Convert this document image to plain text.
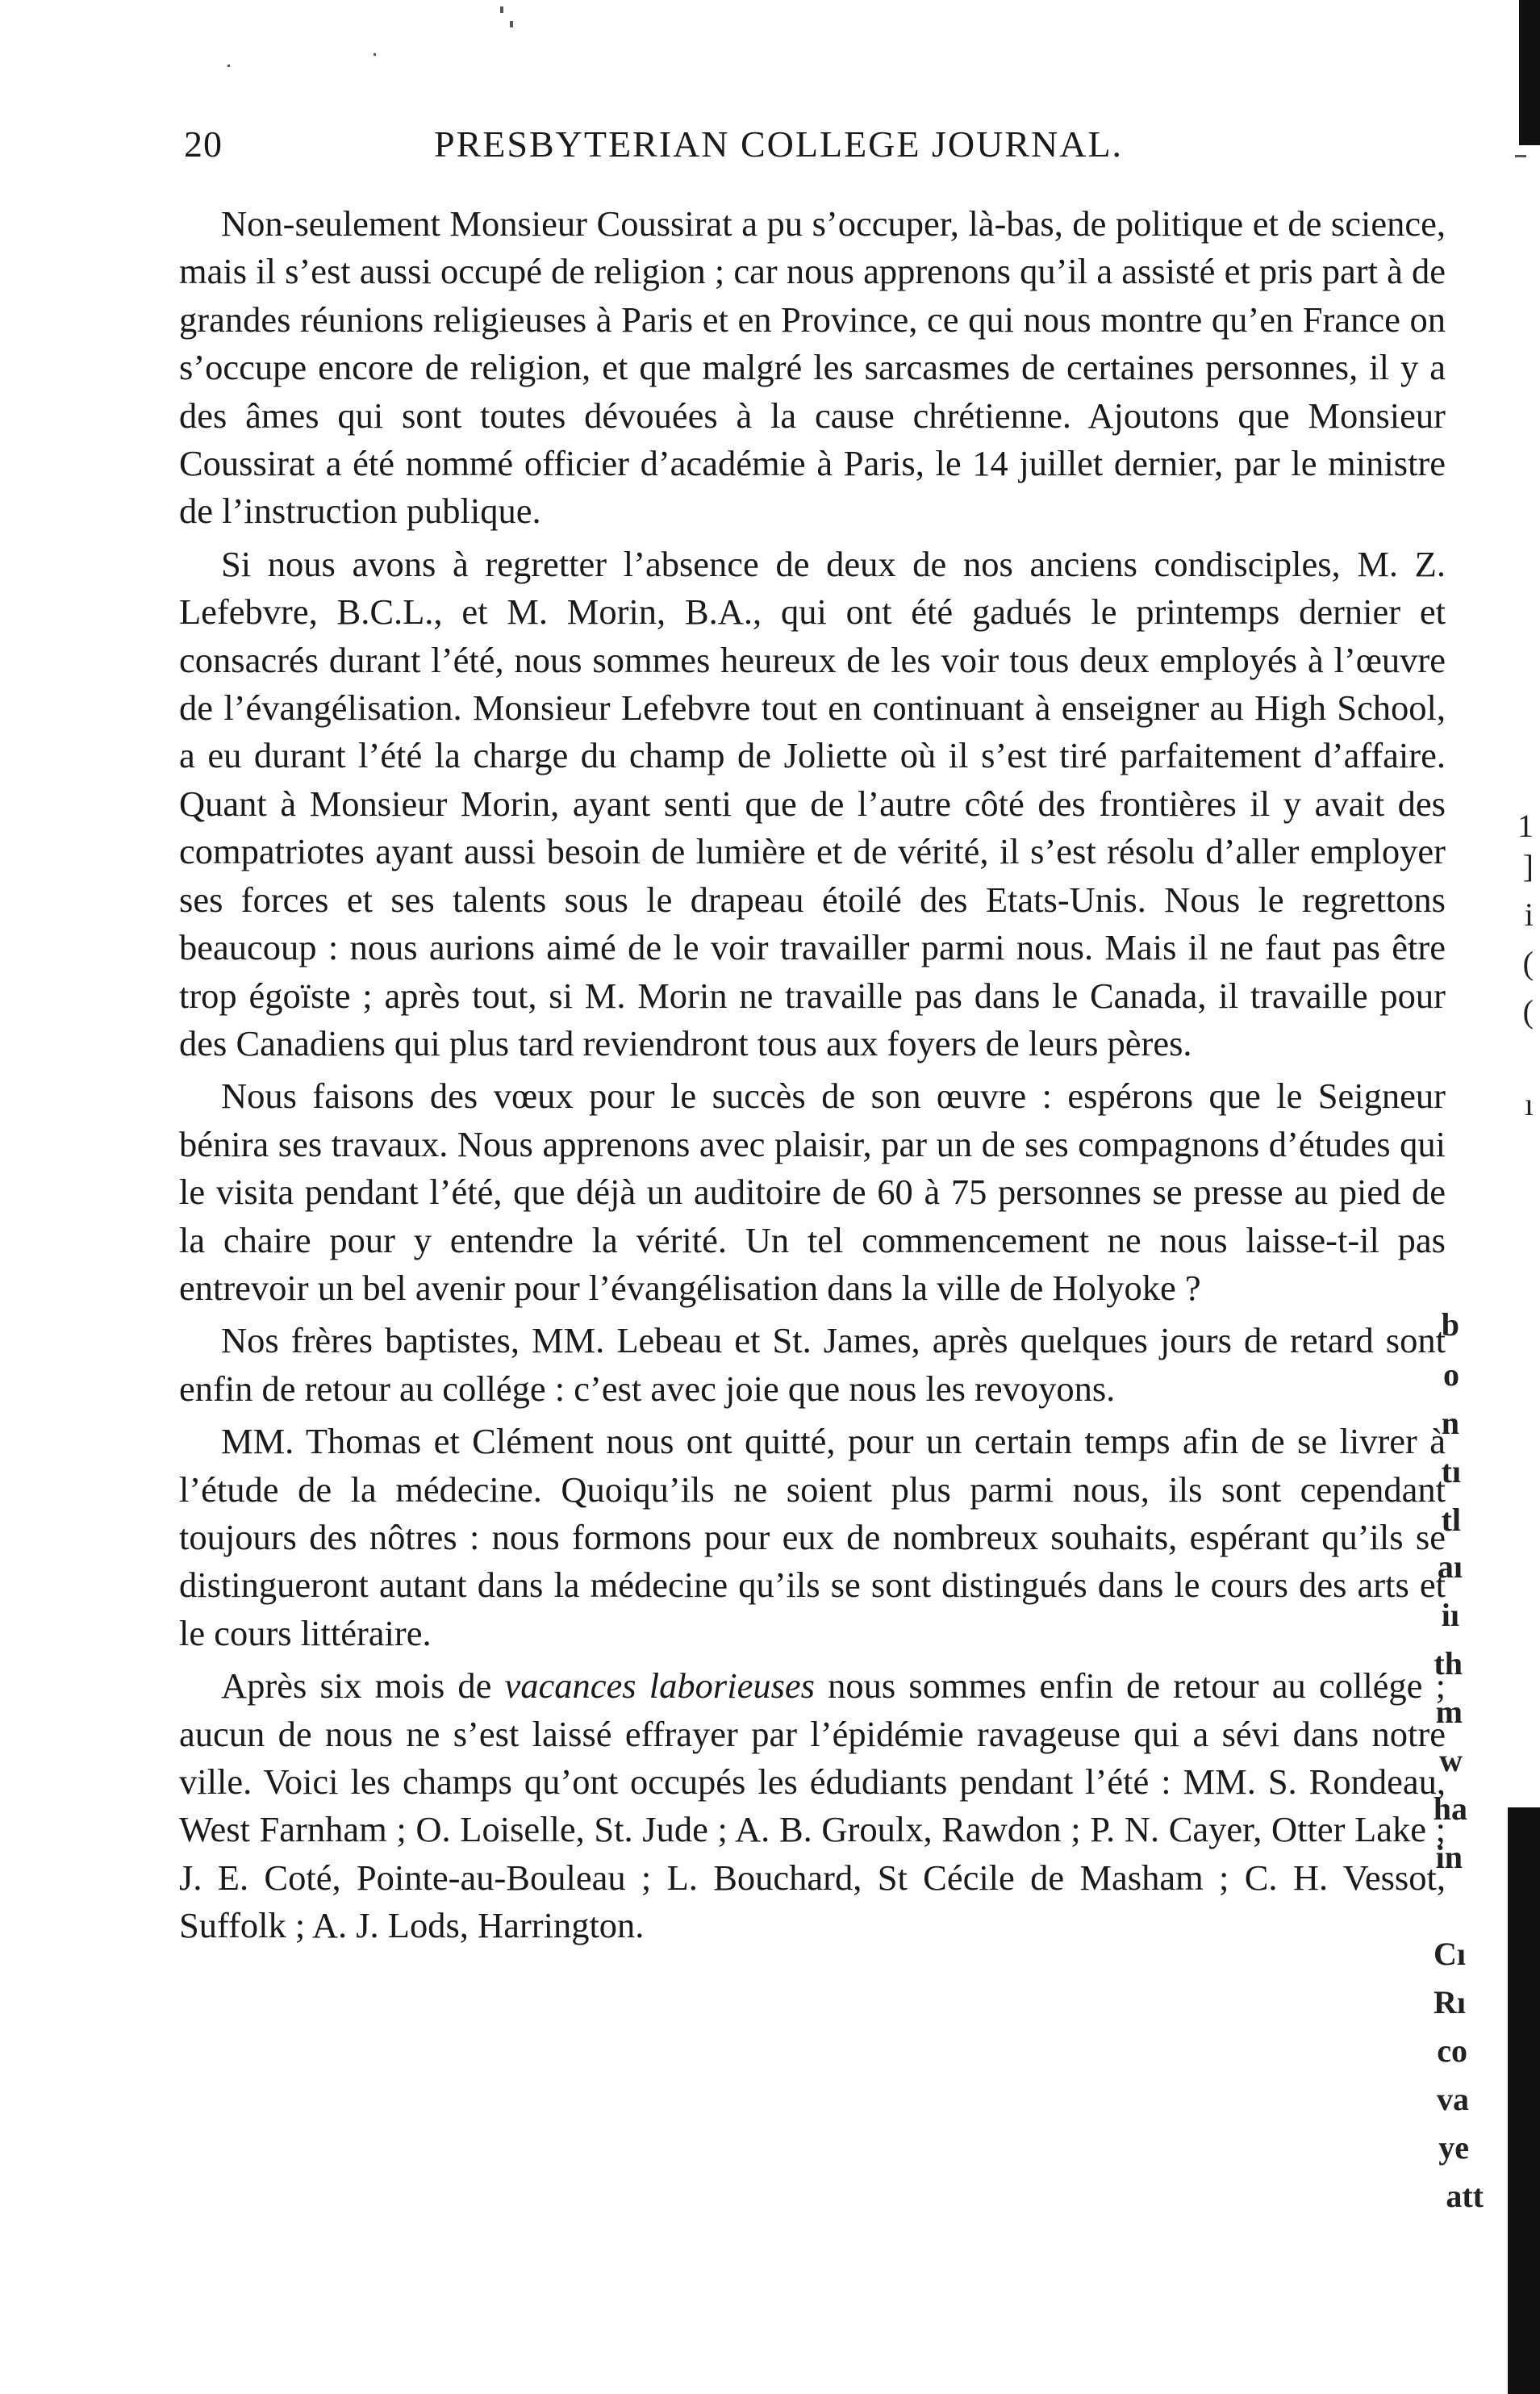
20	PRESBYTERIAN COLLEGE JOURNAL.

Non-seulement Monsieur Coussirat a pu s’occuper, là-bas, de politique et de science, mais il s’est aussi occupé de religion ; car nous apprenons qu’il a assisté et pris part à de grandes réunions religieuses à Paris et en Province, ce qui nous montre qu’en France on s’occupe encore de religion, et que malgré les sarcasmes de certaines personnes, il y a des âmes qui sont toutes dévouées à la cause chrétienne. Ajoutons que Monsieur Coussirat a été nommé officier d’académie à Paris, le 14 juillet dernier, par le ministre de l’instruction publique.

Si nous avons à regretter l’absence de deux de nos anciens condisciples, M. Z. Lefebvre, B.C.L., et M. Morin, B.A., qui ont été gadués le printemps dernier et consacrés durant l’été, nous sommes heureux de les voir tous deux employés à l’œuvre de l’évangélisation. Monsieur Lefebvre tout en continuant à enseigner au High School, a eu durant l’été la charge du champ de Joliette où il s’est tiré parfaitement d’affaire. Quant à Monsieur Morin, ayant senti que de l’autre côté des frontières il y avait des compatriotes ayant aussi besoin de lumière et de vérité, il s’est résolu d’aller employer ses forces et ses talents sous le drapeau étoilé des Etats-Unis. Nous le regrettons beaucoup : nous aurions aimé de le voir travailler parmi nous. Mais il ne faut pas être trop égoïste ; après tout, si M. Morin ne travaille pas dans le Canada, il travaille pour des Canadiens qui plus tard reviendront tous aux foyers de leurs pères.

Nous faisons des vœux pour le succès de son œuvre : espérons que le Seigneur bénira ses travaux. Nous apprenons avec plaisir, par un de ses compagnons d’études qui le visita pendant l’été, que déjà un auditoire de 60 à 75 personnes se presse au pied de la chaire pour y entendre la vérité. Un tel commencement ne nous laisse-t-il pas entrevoir un bel avenir pour l’évangélisation dans la ville de Holyoke ?

Nos frères baptistes, MM. Lebeau et St. James, après quelques jours de retard sont enfin de retour au collége : c’est avec joie que nous les revoyons.

MM. Thomas et Clément nous ont quitté, pour un certain temps afin de se livrer à l’étude de la médecine. Quoiqu’ils ne soient plus parmi nous, ils sont cependant toujours des nôtres : nous formons pour eux de nombreux souhaits, espérant qu’ils se distingueront autant dans la médecine qu’ils se sont distingués dans le cours des arts et le cours littéraire.

Après six mois de vacances laborieuses nous sommes enfin de retour au collége ; aucun de nous ne s’est laissé effrayer par l’épidémie ravageuse qui a sévi dans notre ville. Voici les champs qu’ont occupés les édudiants pendant l’été : MM. S. Rondeau, West Farnham ; O. Loiselle, St. Jude ; A. B. Groulx, Rawdon ; P. N. Cayer, Otter Lake ; J. E. Coté, Pointe-au-Bouleau ; L. Bouchard, St Cécile de Masham ; C. H. Vessot, Suffolk ; A. J. Lods, Harrington.

1
]
i
(
(
ı
b
o
n
tı
tl
aı
iı
th
m
w
ha
in
Cı
Rı
co
va
ye
att
